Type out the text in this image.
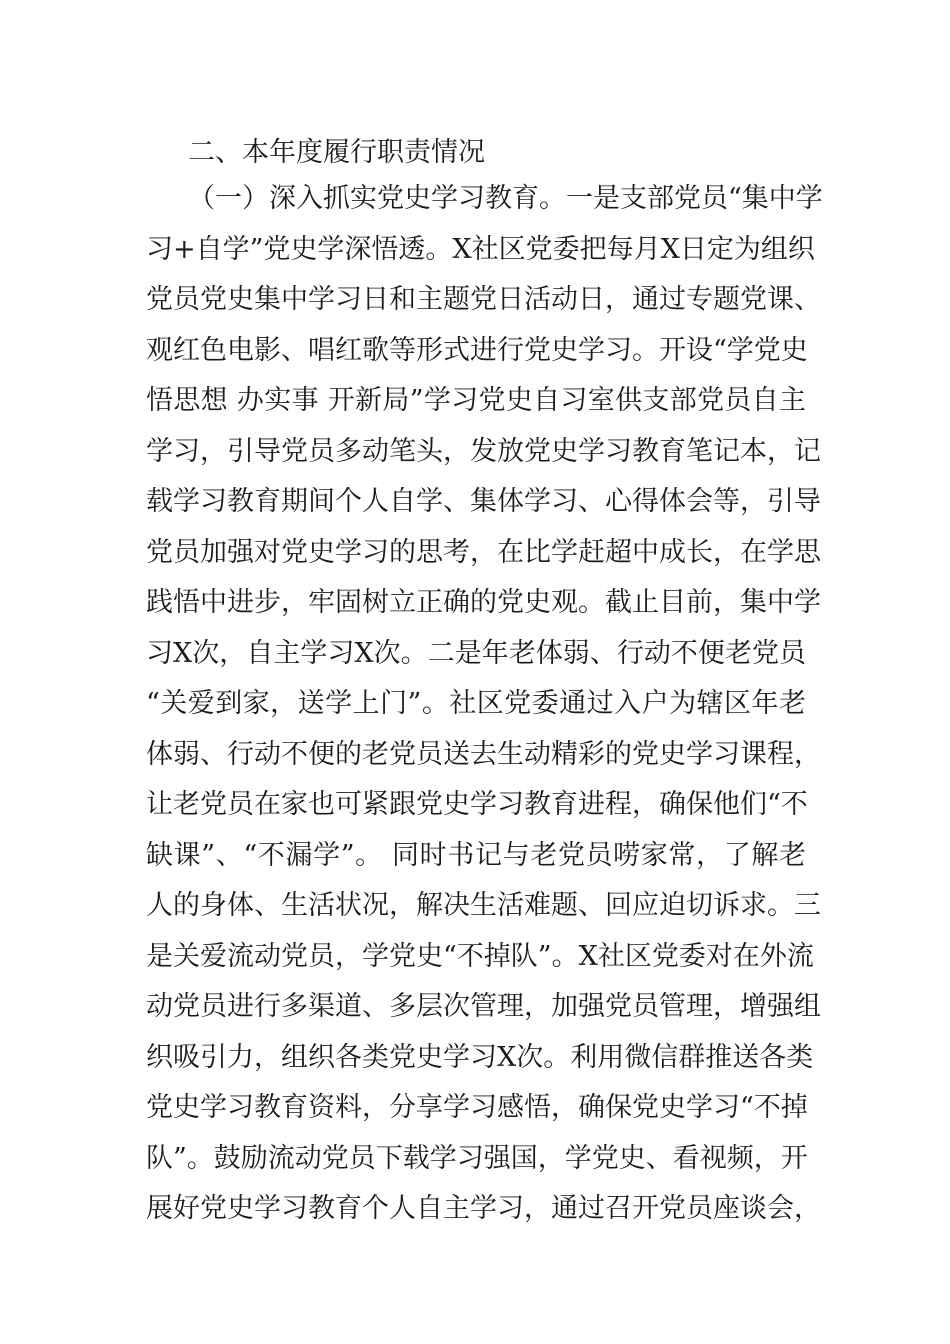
二、本年度履行职责情况
（一）深入抓实党史学习教育。一是支部党员“集中学
习+自学”党史学深悟透。X社区党委把每月X日定为组织
党员党史集中学习日和主题党日活动日，通过专题党课、
观红色电影、唱红歌等形式进行党史学习。开设“学党史
悟思想 办实事 开新局”学习党史自习室供支部党员自主
学习，引导党员多动笔头，发放党史学习教育笔记本，记
载学习教育期间个人自学、集体学习、心得体会等，引导
党员加强对党史学习的思考，在比学赶超中成长，在学思
践悟中进步，牢固树立正确的党史观。截止目前，集中学
习X次，自主学习X次。二是年老体弱、行动不便老党员
“关爱到家，送学上门”。社区党委通过入户为辖区年老
体弱、行动不便的老党员送去生动精彩的党史学习课程，
让老党员在家也可紧跟党史学习教育进程，确保他们“不
缺课”、“不漏学”。 同时书记与老党员唠家常，了解老
人的身体、生活状况，解决生活难题、回应迫切诉求。三
是关爱流动党员，学党史“不掉队”。X社区党委对在外流
动党员进行多渠道、多层次管理，加强党员管理，增强组
织吸引力，组织各类党史学习X次。利用微信群推送各类
党史学习教育资料，分享学习感悟，确保党史学习“不掉
队”。鼓励流动党员下载学习强国，学党史、看视频，开
展好党史学习教育个人自主学习，通过召开党员座谈会，
